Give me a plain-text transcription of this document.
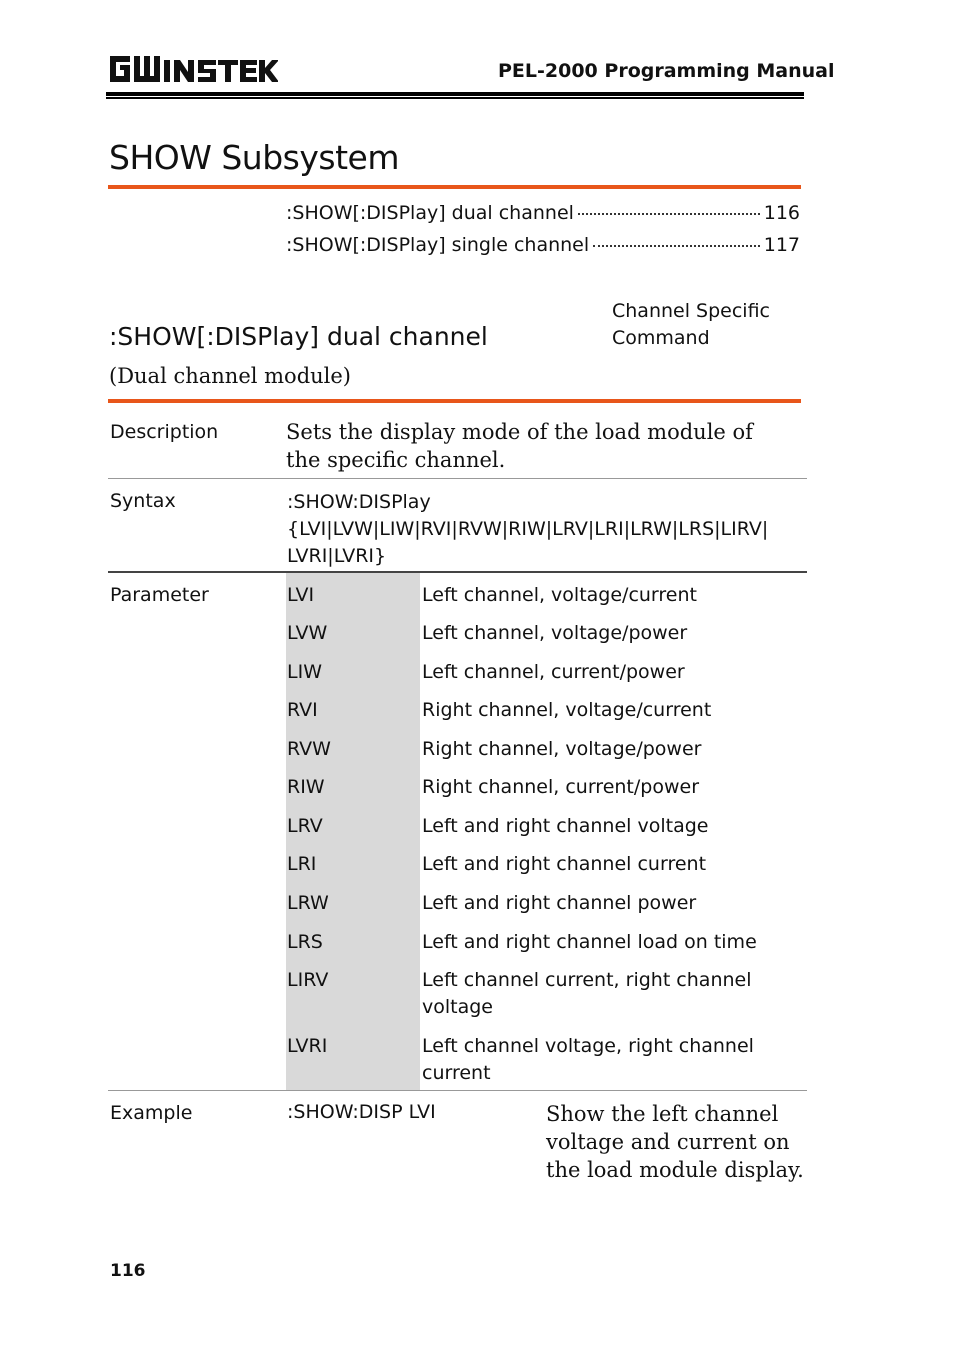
PEL-2000 Programming Manual
SHOW Subsystem
:SHOW[:DISPlay] dual channel	116
:SHOW[:DISPlay] single channel	117
:SHOW[:DISPlay] dual channel
(Dual channel module)
Channel Specific Command
Description	Sets the display mode of the load module of the specific channel.
Syntax	:SHOW:DISPlay
{LVI|LVW|LIW|RVI|RVW|RIW|LRV|LRI|LRW|LRS|LIRV|
LVRI|LVRI}
Parameter	LVI	Left channel, voltage/current
LVW	Left channel, voltage/power
LIW	Left channel, current/power
RVI	Right channel, voltage/current
RVW	Right channel, voltage/power
RIW	Right channel, current/power
LRV	Left and right channel voltage
LRI	Left and right channel current
LRW	Left and right channel power
LRS	Left and right channel load on time
LIRV	Left channel current, right channel voltage
LVRI	Left channel voltage, right channel current
Example	:SHOW:DISP LVI	Show the left channel voltage and current on the load module display.
116
